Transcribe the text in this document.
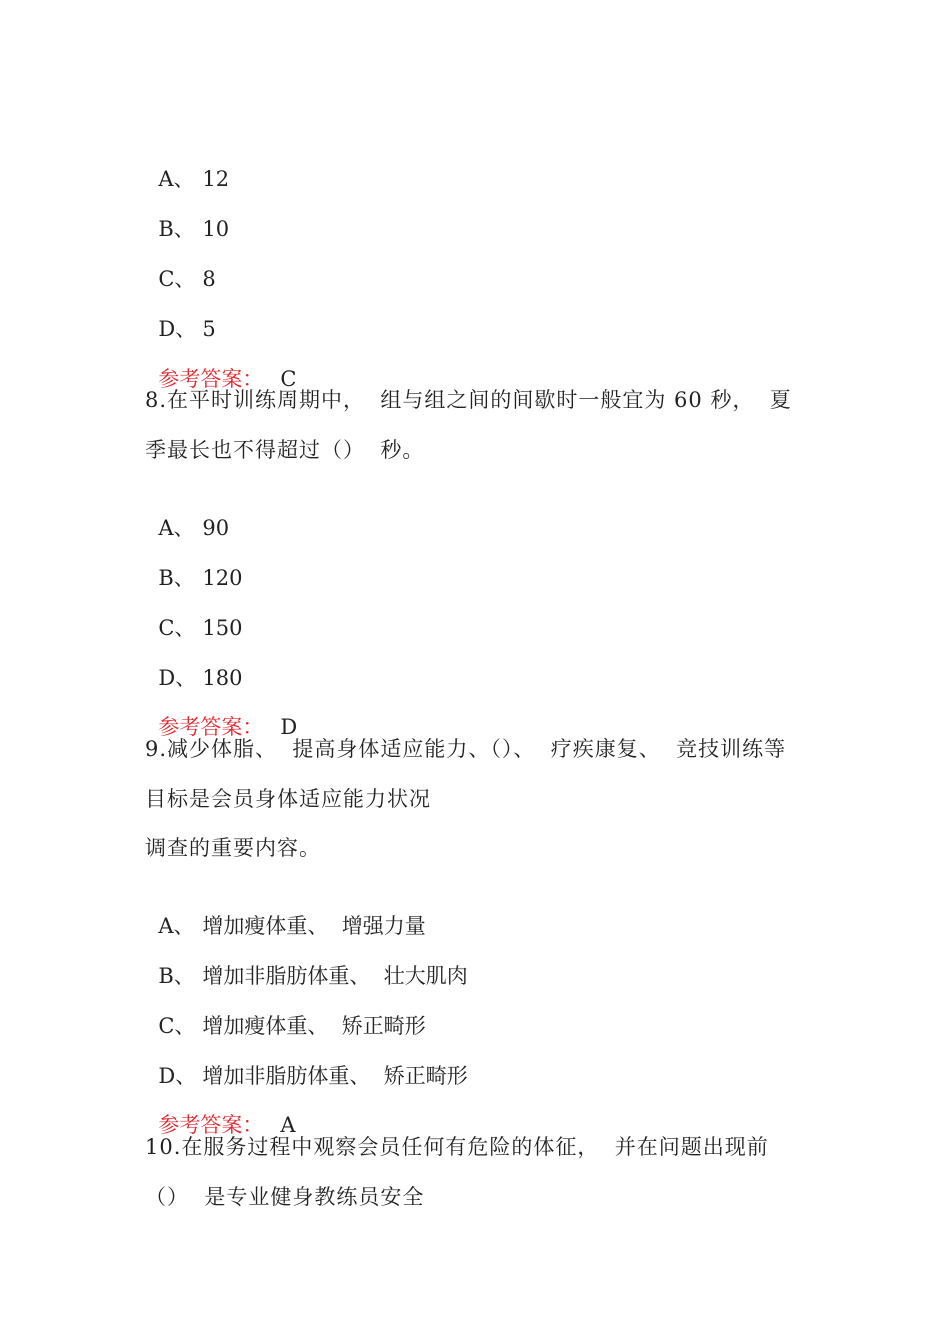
A、 12

B、 10

C、 8

D、 5

参考答案： C

8.在平时训练周期中，  组与组之间的间歇时一般宜为 60 秒，  夏
季最长也不得超过（）  秒。

A、 90

B、 120

C、 150

D、 180

参考答案： D

9.减少体脂、  提高身体适应能力、（）、  疗疾康复、  竞技训练等
目标是会员身体适应能力状况
调查的重要内容。

A、 增加瘦体重、  增强力量

B、 增加非脂肪体重、  壮大肌肉

C、 增加瘦体重、  矫正畸形

D、 增加非脂肪体重、  矫正畸形

参考答案： A

10.在服务过程中观察会员任何有危险的体征，  并在问题出现前
（）  是专业健身教练员安全
